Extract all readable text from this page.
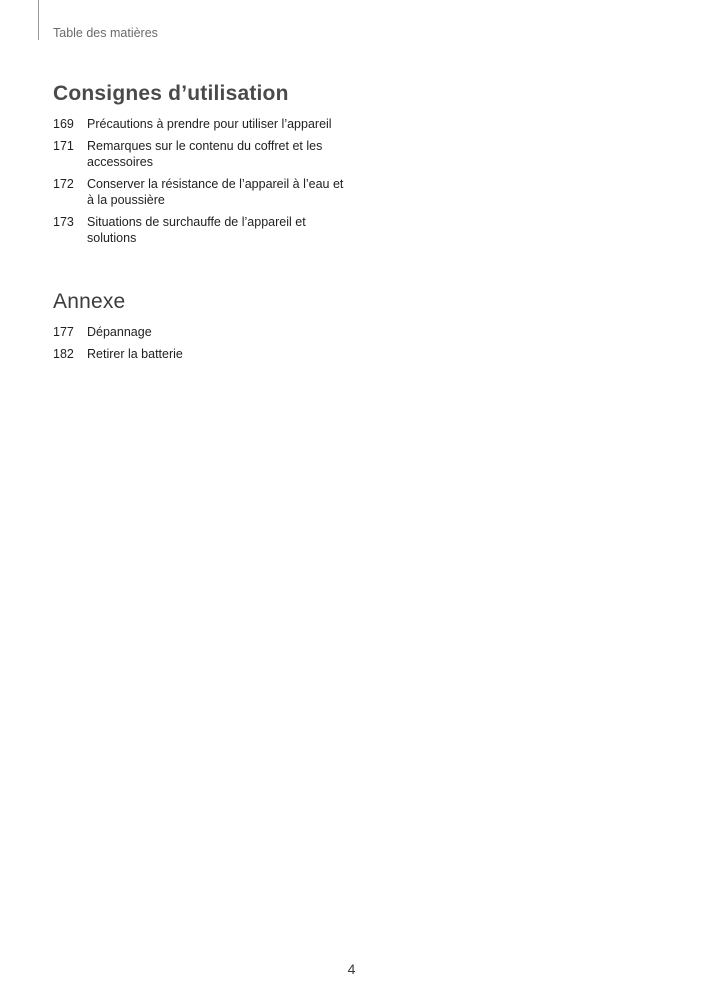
Table des matières
Consignes d’utilisation
169	Précautions à prendre pour utiliser l’appareil
171	Remarques sur le contenu du coffret et les accessoires
172	Conserver la résistance de l’appareil à l’eau et à la poussière
173	Situations de surchauffe de l’appareil et solutions
Annexe
177	Dépannage
182	Retirer la batterie
4
